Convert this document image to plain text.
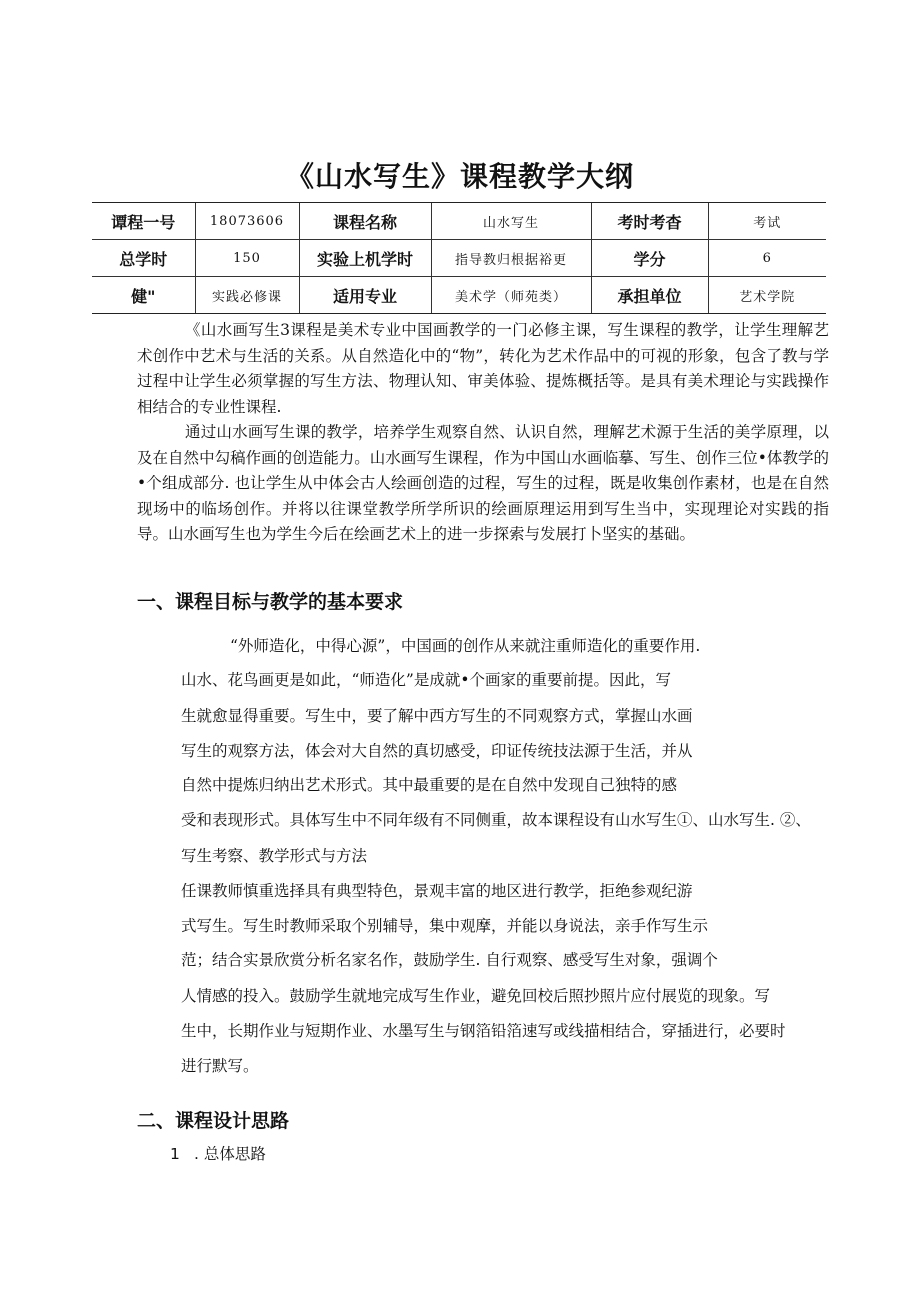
《山水写生》课程教学大纲
谭程一号	18073606	课程名称	山水写生	考时考杳	考试
总学时	150	实验上机学时	指导教归根据裕更	学分	6
健"	实践必修课	适用专业	美术学（师苑类）	承担单位	艺术学院

《山水画写生3课程是美术专业中国画教学的一门必修主课，写生课程的教学，让学生理解艺术创作中艺术与生活的关系。从自然造化中的“物”，转化为艺术作品中的可视的形象，包含了教与学过程中让学生必须掌握的写生方法、物理认知、审美体验、提炼概括等。是具有美术理论与实践操作相结合的专业性课程.

通过山水画写生课的教学，培养学生观察自然、认识自然，理解艺术源于生活的美学原理，以及在自然中勾稿作画的创造能力。山水画写生课程，作为中国山水画临摹、写生、创作三位•体教学的•个组成部分. 也让学生从中体会古人绘画创造的过程，写生的过程，既是收集创作素材，也是在自然现场中的临场创作。并将以往课堂教学所学所识的绘画原理运用到写生当中，实现理论对实践的指导。山水画写生也为学生今后在绘画艺术上的进一步探索与发展打卜坚实的基础。

一、课程目标与教学的基本要求

“外师造化，中得心源”，中国画的创作从来就注重师造化的重要作用.

山水、花鸟画更是如此，“师造化”是成就•个画家的重要前提。因此，写

生就愈显得重要。写生中，要了解中西方写生的不同观察方式，掌握山水画

写生的观察方法，体会对大自然的真切感受，印证传统技法源于生活，并从

自然中提炼归纳出艺术形式。其中最重要的是在自然中发现自己独特的感

受和表现形式。具体写生中不同年级有不同侧重，故本课程设有山水写生①、山水写生. ②、

写生考察、教学形式与方法

任课教师慎重选择具有典型特色，景观丰富的地区进行教学，拒绝参观纪游

式写生。写生时教师采取个别辅导，集中观摩，并能以身说法，亲手作写生示

范；结合实景欣赏分析名家名作，鼓励学生. 自行观察、感受写生对象，强调个

人情感的投入。鼓励学生就地完成写生作业，避免回校后照抄照片应付展览的现象。写

生中，长期作业与短期作业、水墨写生与钢箔铅箔速写或线描相结合，穿插进行，必要时

进行默写。

二、课程设计思路

1 . 总体思路
